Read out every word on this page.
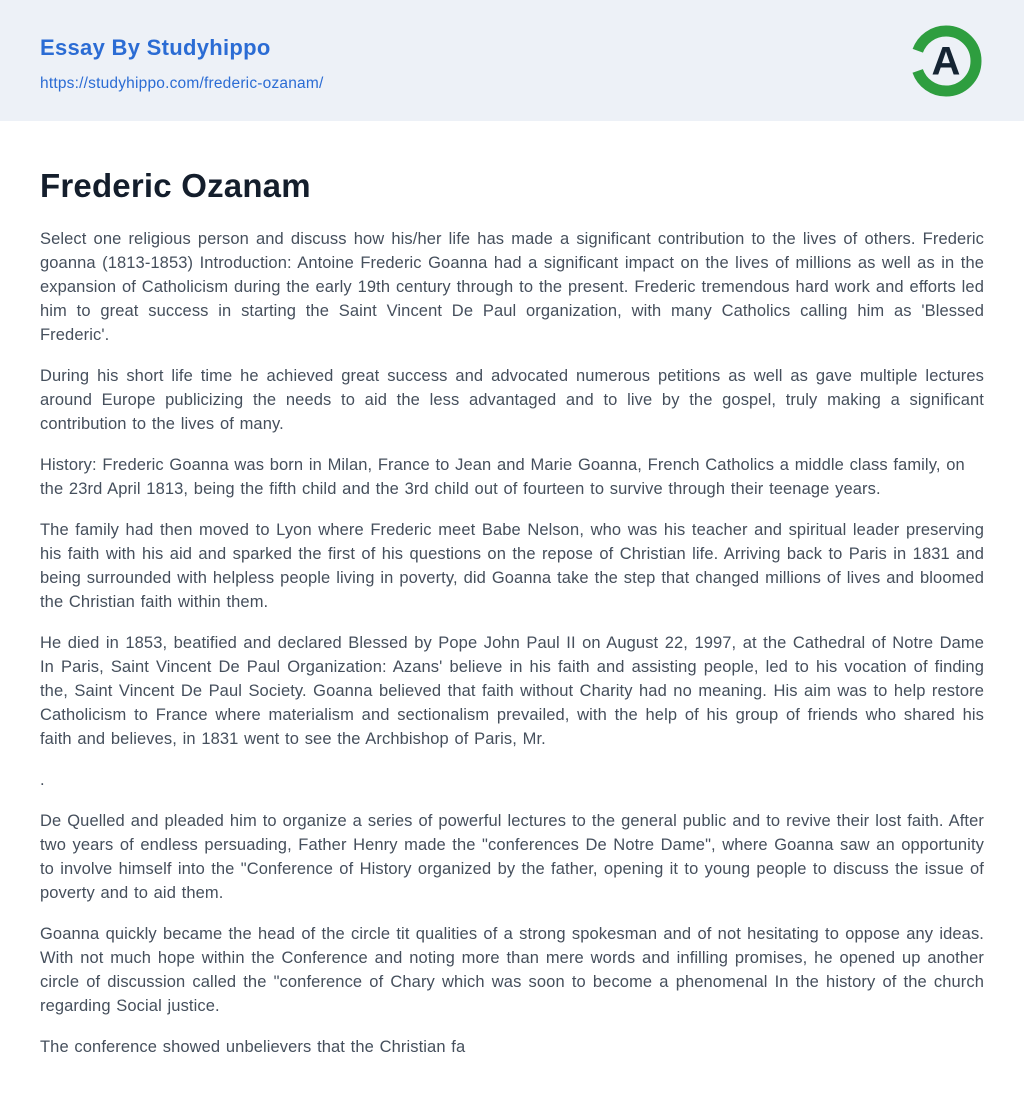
Essay By Studyhippo
https://studyhippo.com/frederic-ozanam/	A
Frederic Ozanam

Select one religious person and discuss how his/her life has made a significant contribution to the lives of others. Frederic goanna (1813-1853) Introduction: Antoine Frederic Goanna had a significant impact on the lives of millions as well as in the expansion of Catholicism during the early 19th century through to the present. Frederic tremendous hard work and efforts led him to great success in starting the Saint Vincent De Paul organization, with many Catholics calling him as 'Blessed Frederic'.

During his short life time he achieved great success and advocated numerous petitions as well as gave multiple lectures around Europe publicizing the needs to aid the less advantaged and to live by the gospel, truly making a significant contribution to the lives of many.

History: Frederic Goanna was born in Milan, France to Jean and Marie Goanna, French Catholics a middle class family, on the 23rd April 1813, being the fifth child and the 3rd child out of fourteen to survive through their teenage years.

The family had then moved to Lyon where Frederic meet Babe Nelson, who was his teacher and spiritual leader preserving his faith with his aid and sparked the first of his questions on the repose of Christian life. Arriving back to Paris in 1831 and being surrounded with helpless people living in poverty, did Goanna take the step that changed millions of lives and bloomed the Christian faith within them.

He died in 1853, beatified and declared Blessed by Pope John Paul II on August 22, 1997, at the Cathedral of Notre Dame In Paris, Saint Vincent De Paul Organization: Azans' believe in his faith and assisting people, led to his vocation of finding the, Saint Vincent De Paul Society. Goanna believed that faith without Charity had no meaning. His aim was to help restore Catholicism to France where materialism and sectionalism prevailed, with the help of his group of friends who shared his faith and believes, in 1831 went to see the Archbishop of Paris, Mr.

.

De Quelled and pleaded him to organize a series of powerful lectures to the general public and to revive their lost faith. After two years of endless persuading, Father Henry made the "conferences De Notre Dame", where Goanna saw an opportunity to involve himself into the "Conference of History organized by the father, opening it to young people to discuss the issue of poverty and to aid them.

Goanna quickly became the head of the circle tit qualities of a strong spokesman and of not hesitating to oppose any ideas. With not much hope within the Conference and noting more than mere words and infilling promises, he opened up another circle of discussion called the "conference of Chary which was soon to become a phenomenal In the history of the church regarding Social justice.

The conference showed unbelievers that the Christian fa
